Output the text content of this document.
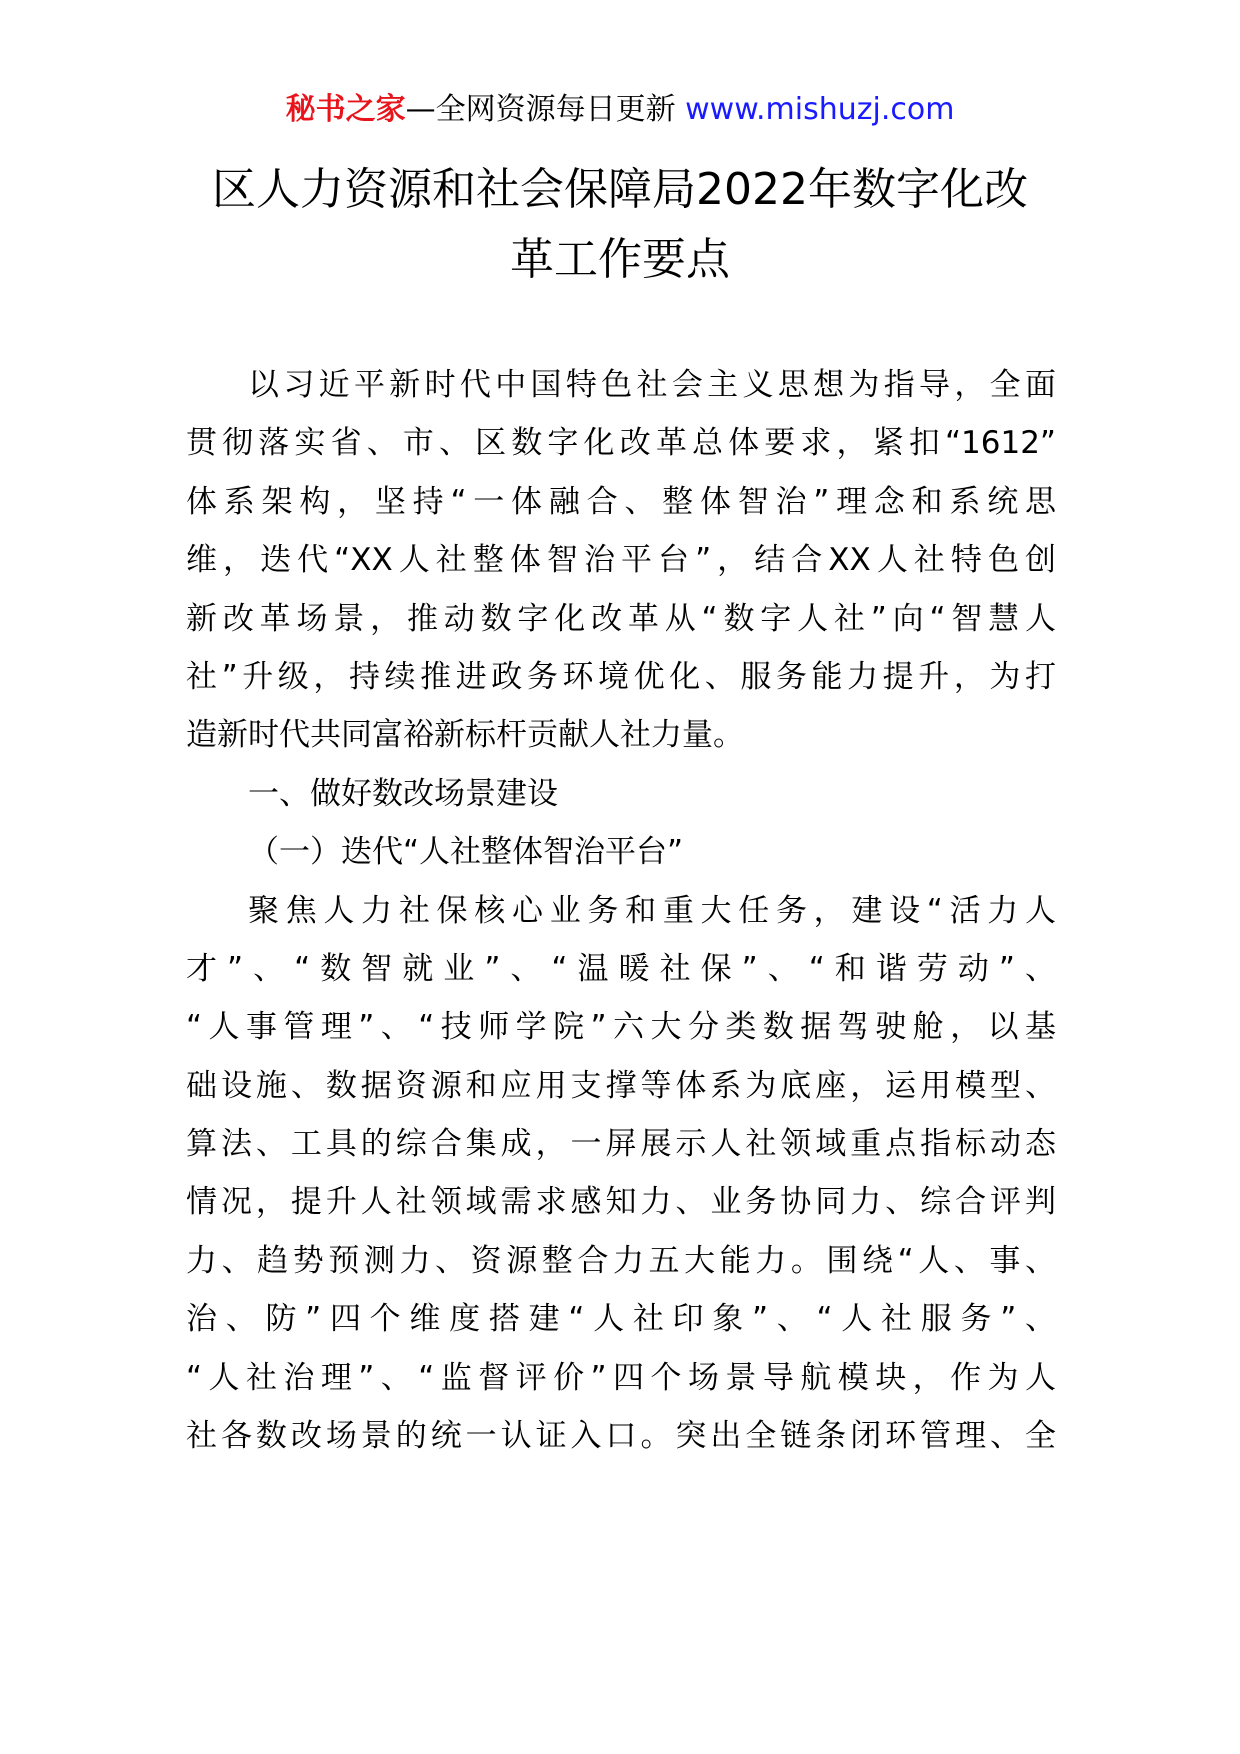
秘书之家—全网资源每日更新 www.mishuzj.com
区人力资源和社会保障局2022年数字化改
革工作要点
以习近平新时代中国特色社会主义思想为指导，全面
贯彻落实省、市、区数字化改革总体要求，紧扣“1612”
体系架构，坚持“一体融合、整体智治”理念和系统思
维，迭代“XX人社整体智治平台”，结合XX人社特色创
新改革场景，推动数字化改革从“数字人社”向“智慧人
社”升级，持续推进政务环境优化、服务能力提升，为打
造新时代共同富裕新标杆贡献人社力量。
一、做好数改场景建设
（一）迭代“人社整体智治平台”
聚焦人力社保核心业务和重大任务，建设“活力人
才”、“数智就业”、“温暖社保”、“和谐劳动”、
“人事管理”、“技师学院”六大分类数据驾驶舱，以基
础设施、数据资源和应用支撑等体系为底座，运用模型、
算法、工具的综合集成，一屏展示人社领域重点指标动态
情况，提升人社领域需求感知力、业务协同力、综合评判
力、趋势预测力、资源整合力五大能力。围绕“人、事、
治、防”四个维度搭建“人社印象”、“人社服务”、
“人社治理”、“监督评价”四个场景导航模块，作为人
社各数改场景的统一认证入口。突出全链条闭环管理、全
